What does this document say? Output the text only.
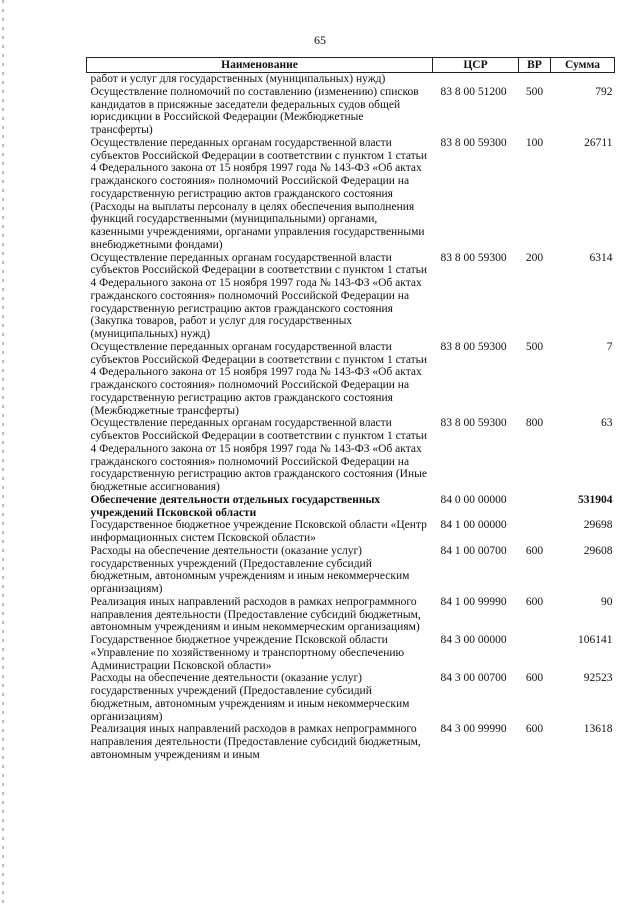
65
Наименование	ЦСР	ВР	Сумма
работ и услуг для государственных (муниципальных) нужд)			
Осуществление полномочий по составлению (изменению) списков кандидатов в присяжные заседатели федеральных судов общей юрисдикции в Российской Федерации (Межбюджетные трансферты)	83 8 00 51200	500	792
Осуществление переданных органам государственной власти субъектов Российской Федерации в соответствии с пунктом 1 статьи 4 Федерального закона от 15 ноября 1997 года № 143-ФЗ «Об актах гражданского состояния» полномочий Российской Федерации на государственную регистрацию актов гражданского состояния (Расходы на выплаты персоналу в целях обеспечения выполнения функций государственными (муниципальными) органами, казенными учреждениями, органами управления государственными внебюджетными фондами)	83 8 00 59300	100	26711
Осуществление переданных органам государственной власти субъектов Российской Федерации в соответствии с пунктом 1 статьи 4 Федерального закона от 15 ноября 1997 года № 143-ФЗ «Об актах гражданского состояния» полномочий Российской Федерации на государственную регистрацию актов гражданского состояния (Закупка товаров, работ и услуг для государственных (муниципальных) нужд)	83 8 00 59300	200	6314
Осуществление переданных органам государственной власти субъектов Российской Федерации в соответствии с пунктом 1 статьи 4 Федерального закона от 15 ноября 1997 года № 143-ФЗ «Об актах гражданского состояния» полномочий Российской Федерации на государственную регистрацию актов гражданского состояния (Межбюджетные трансферты)	83 8 00 59300	500	7
Осуществление переданных органам государственной власти субъектов Российской Федерации в соответствии с пунктом 1 статьи 4 Федерального закона от 15 ноября 1997 года № 143-ФЗ «Об актах гражданского состояния» полномочий Российской Федерации на государственную регистрацию актов гражданского состояния (Иные бюджетные ассигнования)	83 8 00 59300	800	63
Обеспечение деятельности отдельных государственных учреждений Псковской области	84 0 00 00000		531904
Государственное бюджетное учреждение Псковской области «Центр информационных систем Псковской области»	84 1 00 00000		29698
Расходы на обеспечение деятельности (оказание услуг) государственных учреждений (Предоставление субсидий бюджетным, автономным учреждениям и иным некоммерческим организациям)	84 1 00 00700	600	29608
Реализация иных направлений расходов в рамках непрограммного направления деятельности (Предоставление субсидий бюджетным, автономным учреждениям и иным некоммерческим организациям)	84 1 00 99990	600	90
Государственное бюджетное учреждение Псковской области «Управление по хозяйственному и транспортному обеспечению Администрации Псковской области»	84 3 00 00000		106141
Расходы на обеспечение деятельности (оказание услуг) государственных учреждений (Предоставление субсидий бюджетным, автономным учреждениям и иным некоммерческим организациям)	84 3 00 00700	600	92523
Реализация иных направлений расходов в рамках непрограммного направления деятельности (Предоставление субсидий бюджетным, автономным учреждениям и иным	84 3 00 99990	600	13618
